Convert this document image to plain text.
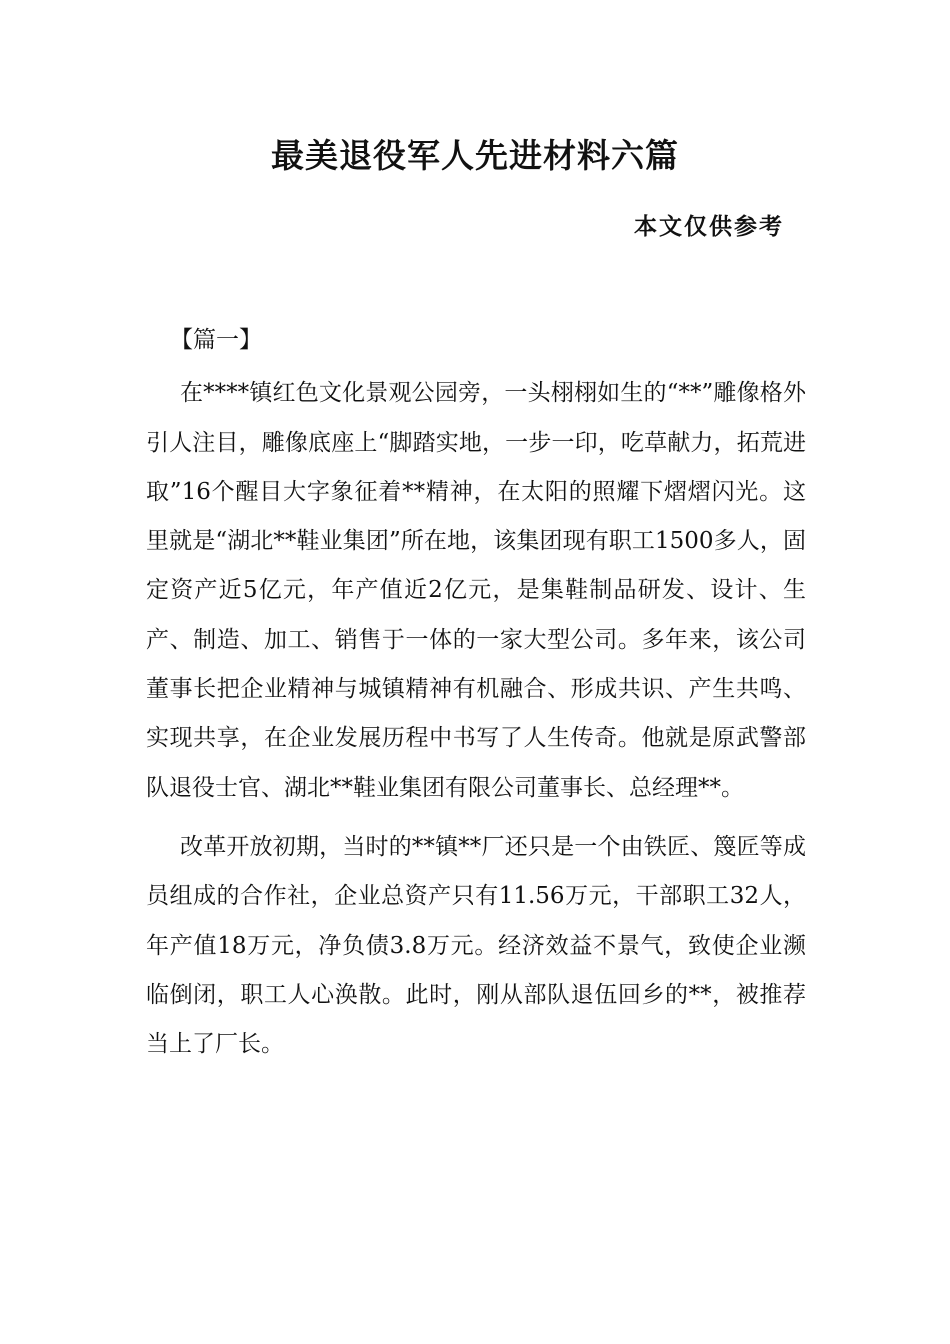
最美退役军人先进材料六篇

本文仅供参考

【篇一】

在****镇红色文化景观公园旁，一头栩栩如生的“**”雕像格外引人注目，雕像底座上“脚踏实地，一步一印，吃草献力，拓荒进取”16个醒目大字象征着**精神，在太阳的照耀下熠熠闪光。这里就是“湖北**鞋业集团”所在地，该集团现有职工1500多人，固定资产近5亿元，年产值近2亿元，是集鞋制品研发、设计、生产、制造、加工、销售于一体的一家大型公司。多年来，该公司董事长把企业精神与城镇精神有机融合、形成共识、产生共鸣、实现共享，在企业发展历程中书写了人生传奇。他就是原武警部队退役士官、湖北**鞋业集团有限公司董事长、总经理**。

改革开放初期，当时的**镇**厂还只是一个由铁匠、篾匠等成员组成的合作社，企业总资产只有11.56万元，干部职工32人，年产值18万元，净负债3.8万元。经济效益不景气，致使企业濒临倒闭，职工人心涣散。此时，刚从部队退伍回乡的**，被推荐当上了厂长。
